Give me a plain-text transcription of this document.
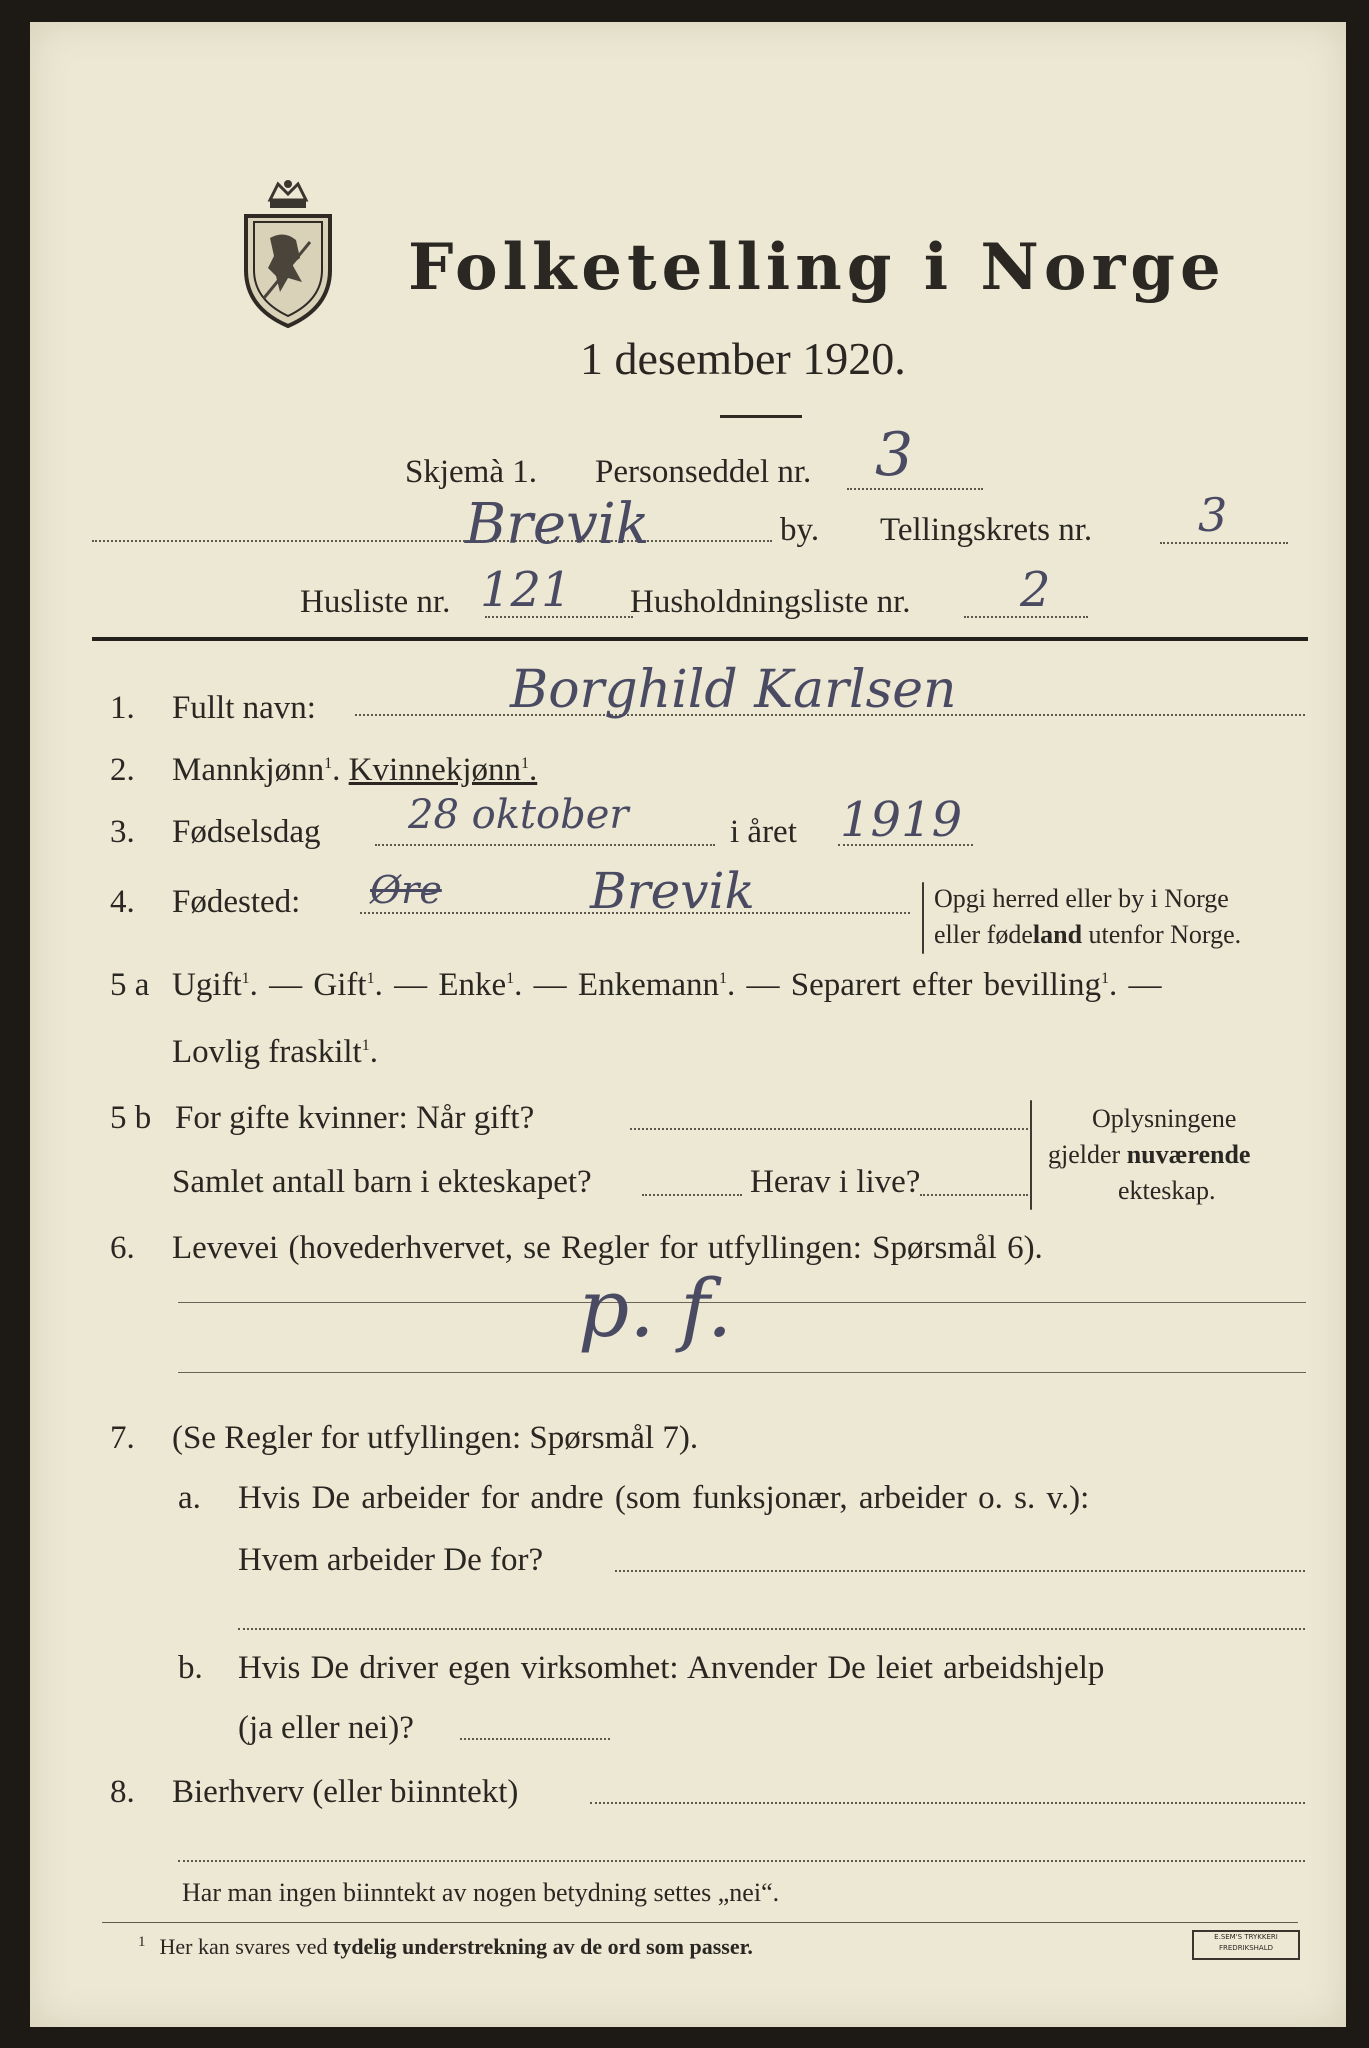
Folketelling i Norge
1 desember 1920.
Skjemà 1. Personseddel nr. 3
Brevik	by. Tellingskrets nr. 3
Husliste nr. 121 Husholdningsliste nr. 2
1. Fullt navn:	Borghild Karlsen
2. Mannkjønn$^1$. Kvinnekjønn$^1$.
3. Fødselsdag 28 oktober	i året 1919
4. Fødested: Øre	Brevik	Opgi herred eller by i Norge
eller fødeland utenfor Norge.
5 a Ugift$^1$. — Gift$^1$. — Enke$^1$. — Enkemann$^1$. — Separert efter bevilling$^1$. —
Lovlig fraskilt$^1$.
5 b For gifte kvinner: Når gift?
Samlet antall barn i ekteskapet?	Herav i live?
Oplysningene
gjelder nuværende
ekteskap.
6. Levevei (hovederhvervet, se Regler for utfyllingen: Spørsmål 6).
p. f.
7. (Se Regler for utfyllingen: Spørsmål 7).
a. Hvis De arbeider for andre (som funksjonær, arbeider o. s. v.):
Hvem arbeider De for?
b. Hvis De driver egen virksomhet: Anvender De leiet arbeidshjelp
(ja eller nei)?
8. Bierhverv (eller biinntekt)
Har man ingen biinntekt av nogen betydning settes „nei“.
$^1$ Her kan svares ved tydelig understrekning av de ord som passer.	E.SEM'S TRYKKERI
FREDRIKSHALD
